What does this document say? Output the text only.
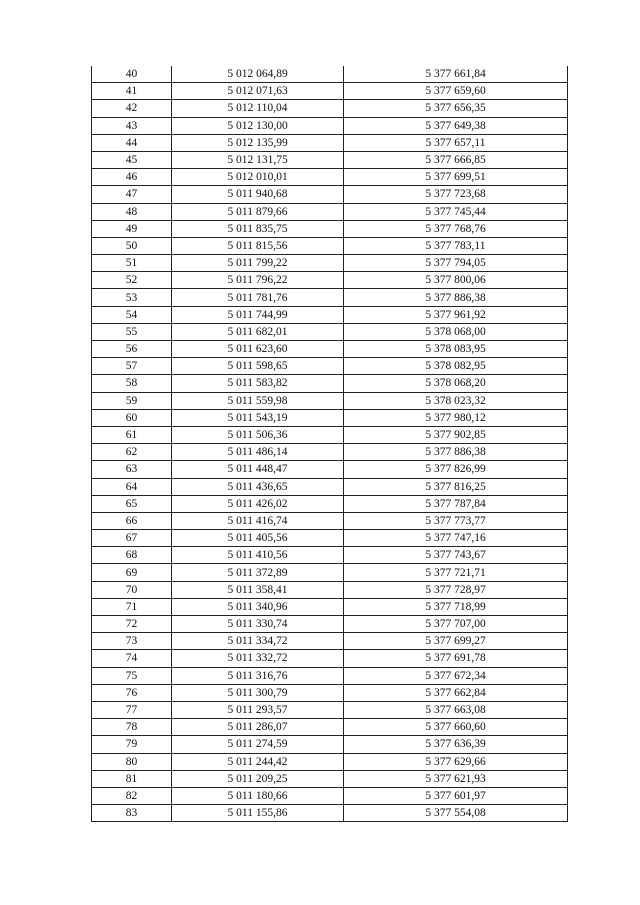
40	5 012 064,89	5 377 661,84
41	5 012 071,63	5 377 659,60
42	5 012 110,04	5 377 656,35
43	5 012 130,00	5 377 649,38
44	5 012 135,99	5 377 657,11
45	5 012 131,75	5 377 666,85
46	5 012 010,01	5 377 699,51
47	5 011 940,68	5 377 723,68
48	5 011 879,66	5 377 745,44
49	5 011 835,75	5 377 768,76
50	5 011 815,56	5 377 783,11
51	5 011 799,22	5 377 794,05
52	5 011 796,22	5 377 800,06
53	5 011 781,76	5 377 886,38
54	5 011 744,99	5 377 961,92
55	5 011 682,01	5 378 068,00
56	5 011 623,60	5 378 083,95
57	5 011 598,65	5 378 082,95
58	5 011 583,82	5 378 068,20
59	5 011 559,98	5 378 023,32
60	5 011 543,19	5 377 980,12
61	5 011 506,36	5 377 902,85
62	5 011 486,14	5 377 886,38
63	5 011 448,47	5 377 826,99
64	5 011 436,65	5 377 816,25
65	5 011 426,02	5 377 787,84
66	5 011 416,74	5 377 773,77
67	5 011 405,56	5 377 747,16
68	5 011 410,56	5 377 743,67
69	5 011 372,89	5 377 721,71
70	5 011 358,41	5 377 728,97
71	5 011 340,96	5 377 718,99
72	5 011 330,74	5 377 707,00
73	5 011 334,72	5 377 699,27
74	5 011 332,72	5 377 691,78
75	5 011 316,76	5 377 672,34
76	5 011 300,79	5 377 662,84
77	5 011 293,57	5 377 663,08
78	5 011 286,07	5 377 660,60
79	5 011 274,59	5 377 636,39
80	5 011 244,42	5 377 629,66
81	5 011 209,25	5 377 621,93
82	5 011 180,66	5 377 601,97
83	5 011 155,86	5 377 554,08
